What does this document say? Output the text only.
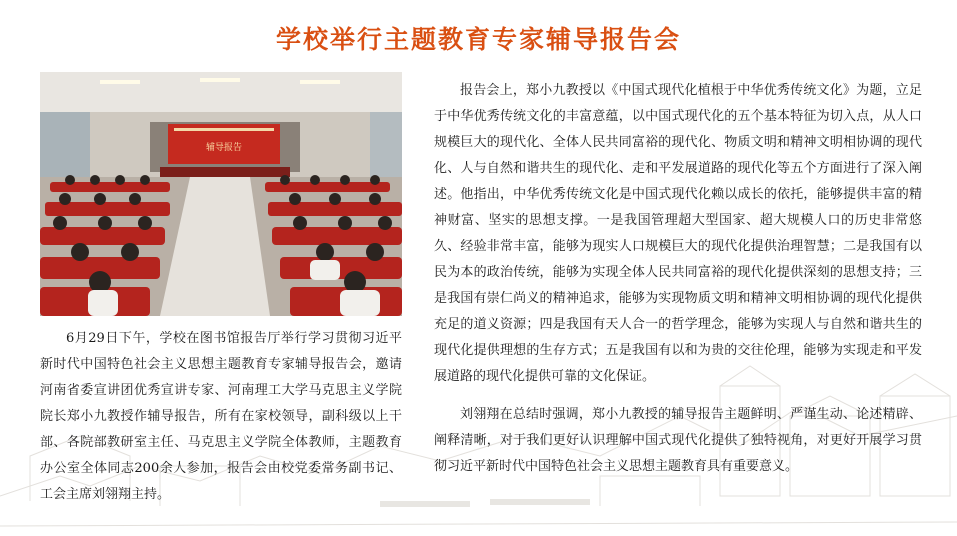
学校举行主题教育专家辅导报告会
辅导报告

6月29日下午，学校在图书馆报告厅举行学习贯彻习近平新时代中国特色社会主义思想主题教育专家辅导报告会，邀请河南省委宣讲团优秀宣讲专家、河南理工大学马克思主义学院院长郑小九教授作辅导报告，所有在家校领导，副科级以上干部、各院部教研室主任、马克思主义学院全体教师，主题教育办公室全体同志200余人参加，报告会由校党委常务副书记、工会主席刘翎翔主持。

报告会上，郑小九教授以《中国式现代化植根于中华优秀传统文化》为题，立足于中华优秀传统文化的丰富意蕴，以中国式现代化的五个基本特征为切入点，从人口规模巨大的现代化、全体人民共同富裕的现代化、物质文明和精神文明相协调的现代化、人与自然和谐共生的现代化、走和平发展道路的现代化等五个方面进行了深入阐述。他指出，中华优秀传统文化是中国式现代化赖以成长的依托，能够提供丰富的精神财富、坚实的思想支撑。一是我国管理超大型国家、超大规模人口的历史非常悠久、经验非常丰富，能够为现实人口规模巨大的现代化提供治理智慧；二是我国有以民为本的政治传统，能够为实现全体人民共同富裕的现代化提供深刻的思想支持；三是我国有崇仁尚义的精神追求，能够为实现物质文明和精神文明相协调的现代化提供充足的道义资源；四是我国有天人合一的哲学理念，能够为实现人与自然和谐共生的现代化提供理想的生存方式；五是我国有以和为贵的交往伦理，能够为实现走和平发展道路的现代化提供可靠的文化保证。

刘翎翔在总结时强调，郑小九教授的辅导报告主题鲜明、严谨生动、论述精辟、阐释清晰，对于我们更好认识理解中国式现代化提供了独特视角，对更好开展学习贯彻习近平新时代中国特色社会主义思想主题教育具有重要意义。
